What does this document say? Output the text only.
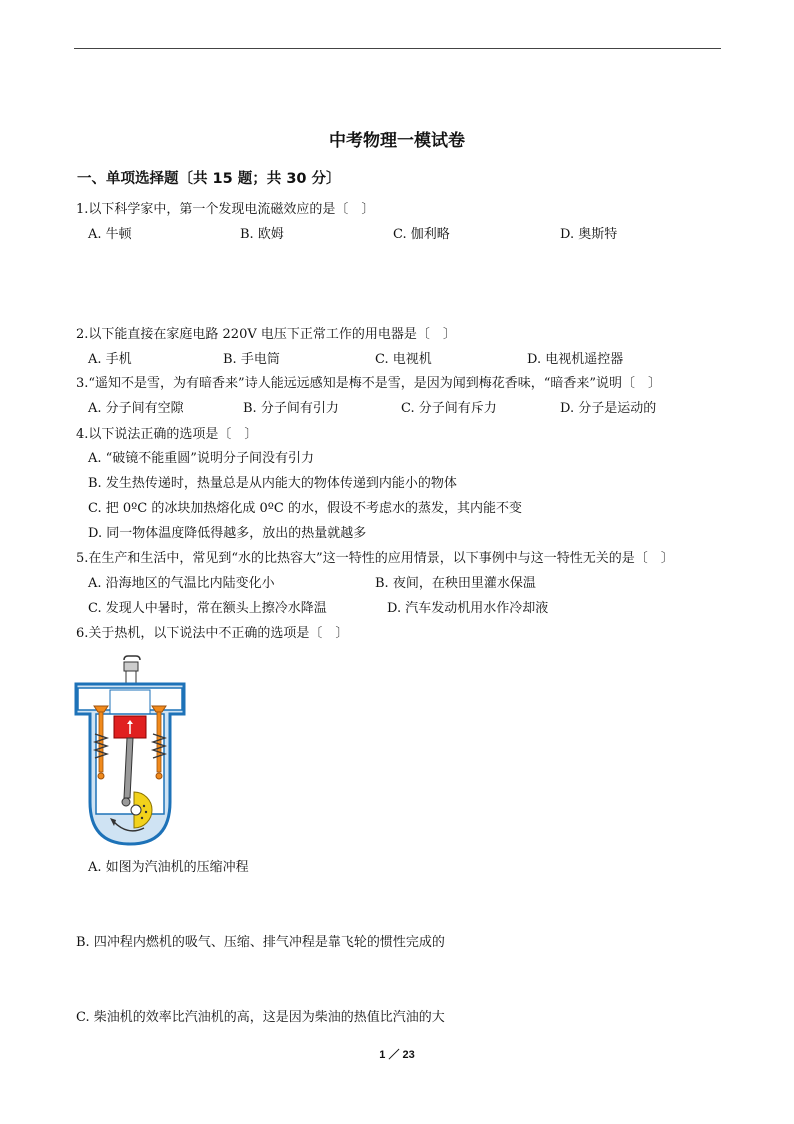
中考物理一模试卷
一、单项选择题〔共 15 题；共 30 分〕
1.以下科学家中，第一个发现电流磁效应的是〔　〕
A. 牛顿	B. 欧姆	C. 伽利略	D. 奥斯特
2.以下能直接在家庭电路 220V 电压下正常工作的用电器是〔　〕
A. 手机	B. 手电筒	C. 电视机	D. 电视机遥控器
3.“遥知不是雪，为有暗香来”诗人能远远感知是梅不是雪，是因为闻到梅花香味，“暗香来”说明〔　〕
A. 分子间有空隙	B. 分子间有引力	C. 分子间有斥力	D. 分子是运动的
4.以下说法正确的选项是〔　〕
A. “破镜不能重圆”说明分子间没有引力
B. 发生热传递时，热量总是从内能大的物体传递到内能小的物体
C. 把 0ºC 的冰块加热熔化成 0ºC 的水，假设不考虑水的蒸发，其内能不变
D. 同一物体温度降低得越多，放出的热量就越多
5.在生产和生活中，常见到“水的比热容大”这一特性的应用情景，以下事例中与这一特性无关的是〔　〕
A. 沿海地区的气温比内陆变化小	B. 夜间，在秧田里灌水保温
C. 发现人中暑时，常在额头上擦冷水降温	D. 汽车发动机用水作冷却液
6.关于热机，以下说法中不正确的选项是〔　〕
A. 如图为汽油机的压缩冲程
B. 四冲程内燃机的吸气、压缩、排气冲程是靠飞轮的惯性完成的
C. 柴油机的效率比汽油机的高，这是因为柴油的热值比汽油的大
1 ／ 23
